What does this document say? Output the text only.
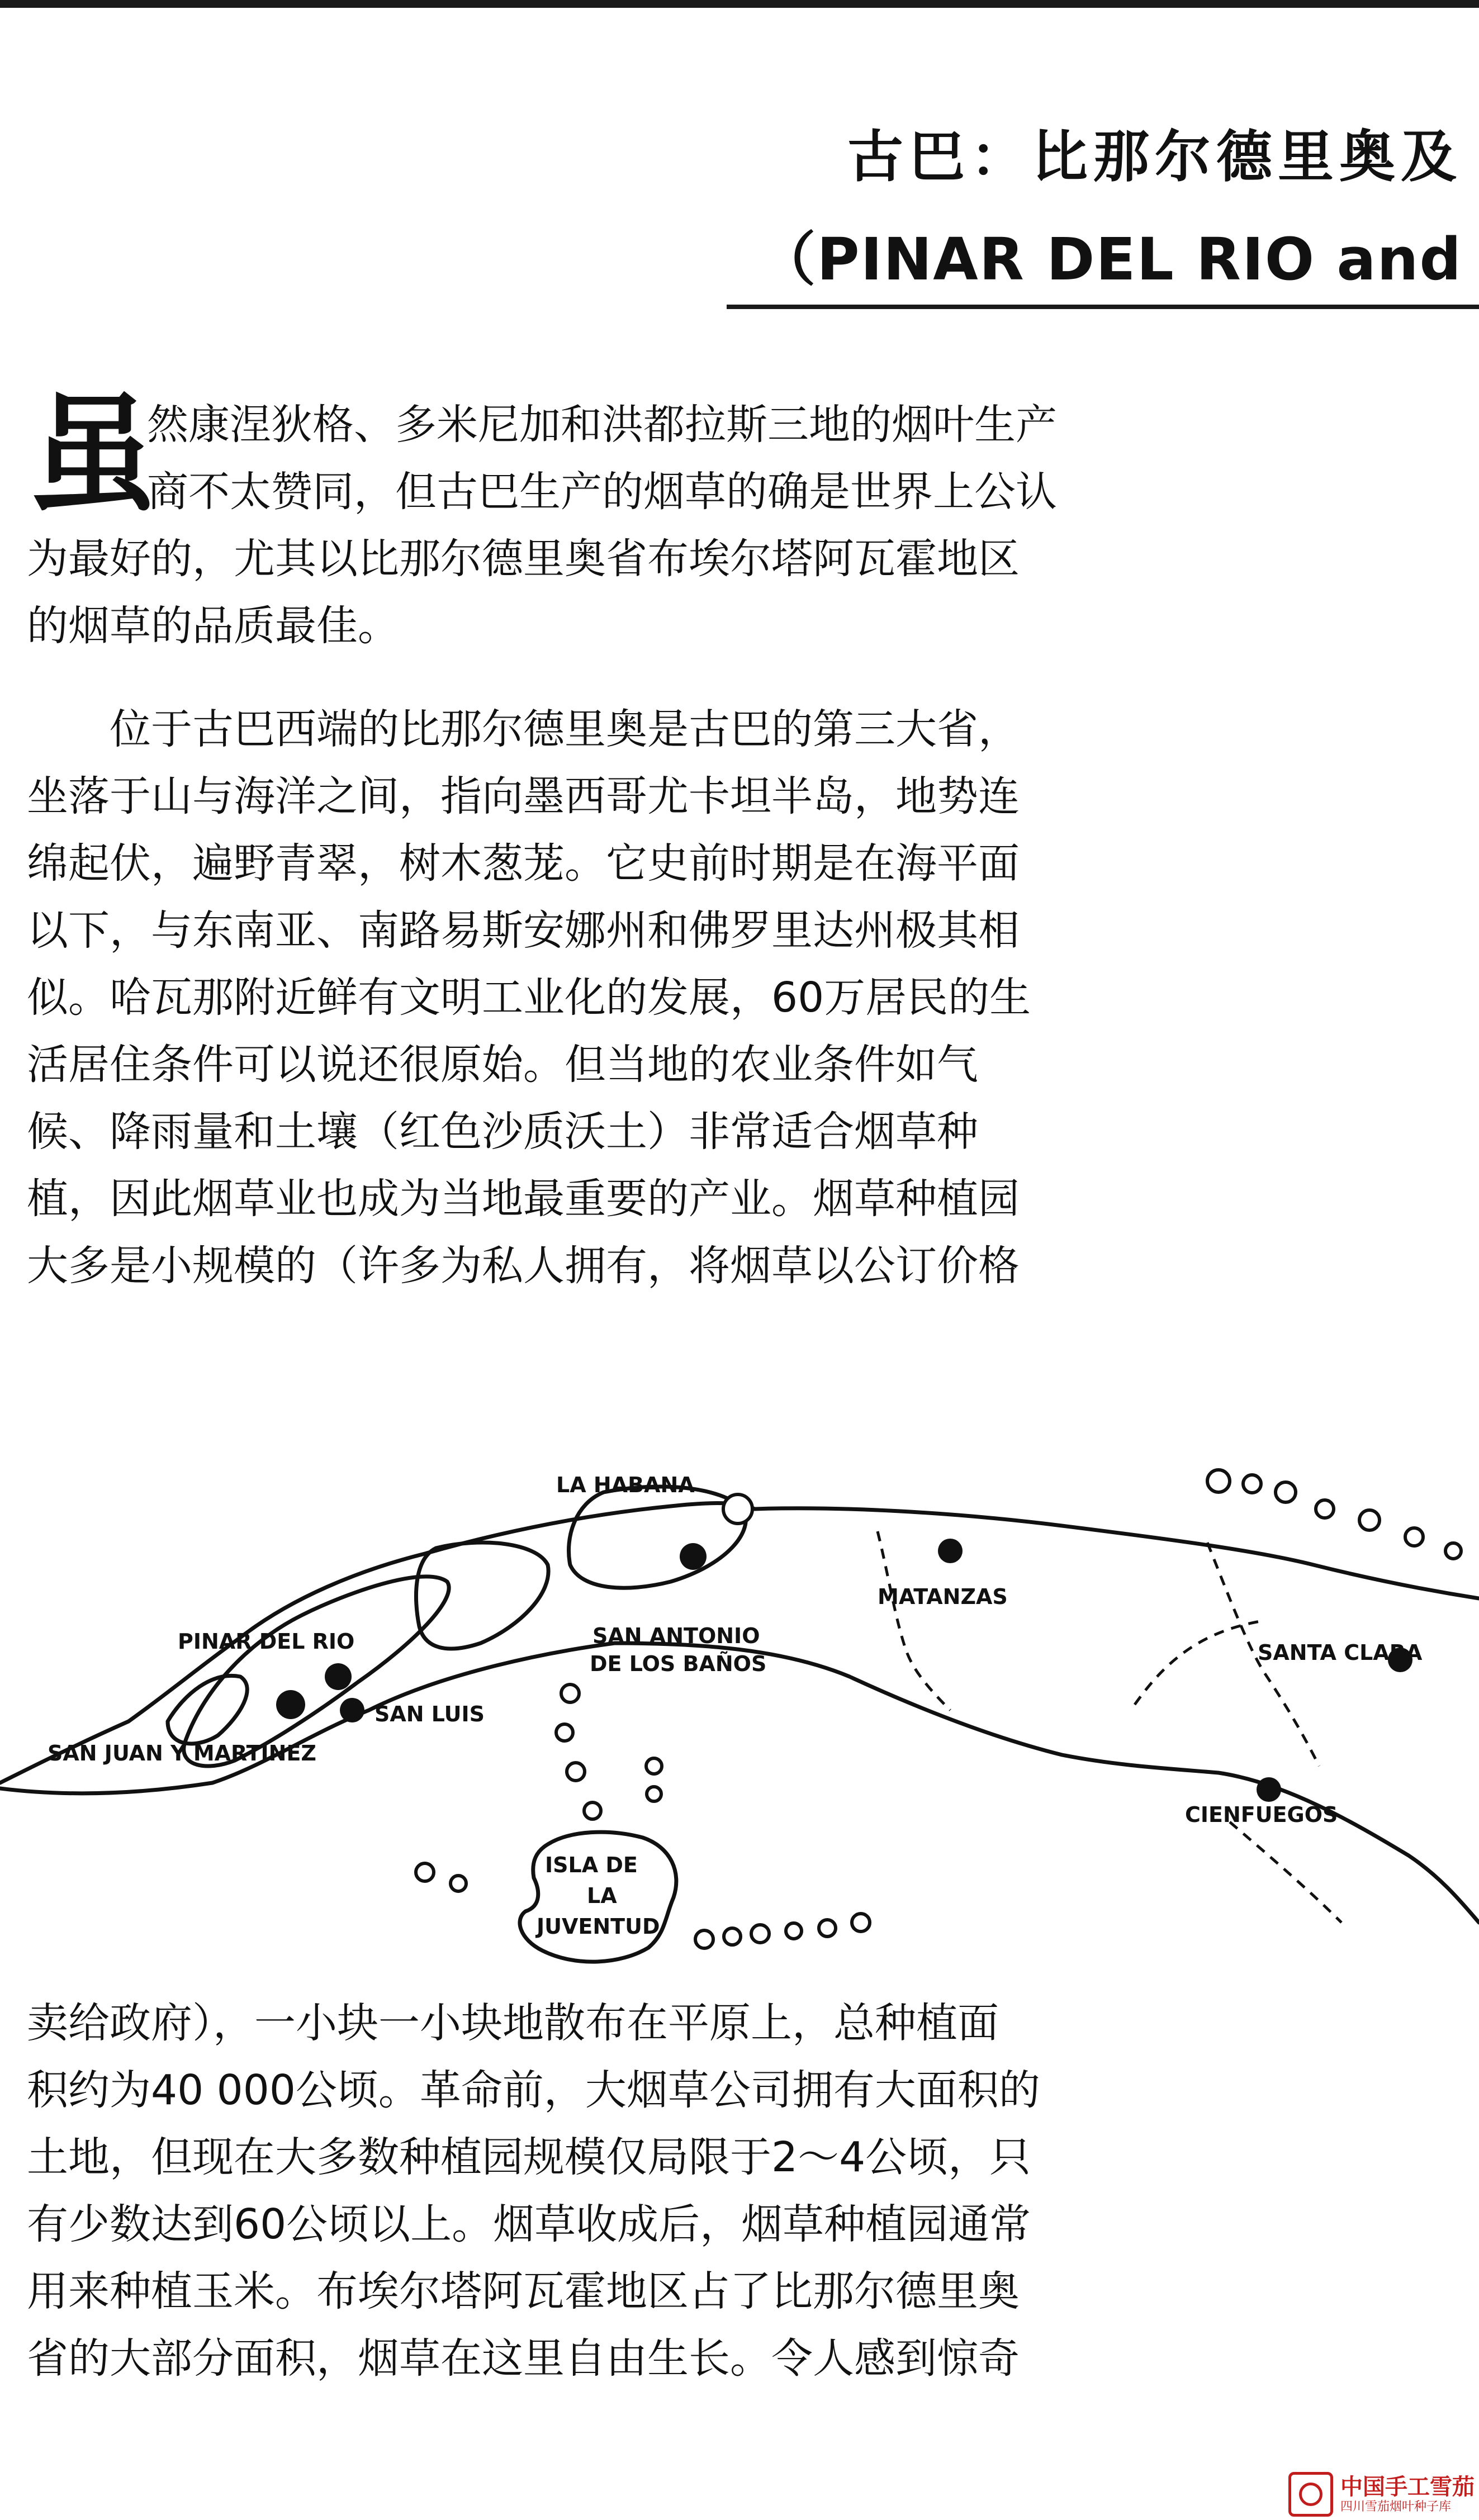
古巴：比那尔德里奥及
（PINAR DEL RIO and
虽
然康涅狄格、多米尼加和洪都拉斯三地的烟叶生产
商不太赞同，但古巴生产的烟草的确是世界上公认
为最好的，尤其以比那尔德里奥省布埃尔塔阿瓦霍地区
的烟草的品质最佳。
　　位于古巴西端的比那尔德里奥是古巴的第三大省，
坐落于山与海洋之间，指向墨西哥尤卡坦半岛，地势连
绵起伏，遍野青翠，树木葱茏。它史前时期是在海平面
以下，与东南亚、南路易斯安娜州和佛罗里达州极其相
似。哈瓦那附近鲜有文明工业化的发展，60万居民的生
活居住条件可以说还很原始。但当地的农业条件如气
候、降雨量和土壤（红色沙质沃土）非常适合烟草种
植，因此烟草业也成为当地最重要的产业。烟草种植园
大多是小规模的（许多为私人拥有，将烟草以公订价格
LA HABANA
MATANZAS
SAN ANTONIO
DE LOS BAÑOS
PINAR DEL RIO	SANTA CLARA
SAN LUIS
SAN JUAN Y MARTINEZ
CIENFUEGOS
ISLA DE
LA
JUVENTUD
卖给政府），一小块一小块地散布在平原上，总种植面
积约为40 000公顷。革命前，大烟草公司拥有大面积的
土地，但现在大多数种植园规模仅局限于2～4公顷，只
有少数达到60公顷以上。烟草收成后，烟草种植园通常
用来种植玉米。布埃尔塔阿瓦霍地区占了比那尔德里奥
省的大部分面积，烟草在这里自由生长。令人感到惊奇

中国手工雪茄
四川雪茄烟叶种子库
